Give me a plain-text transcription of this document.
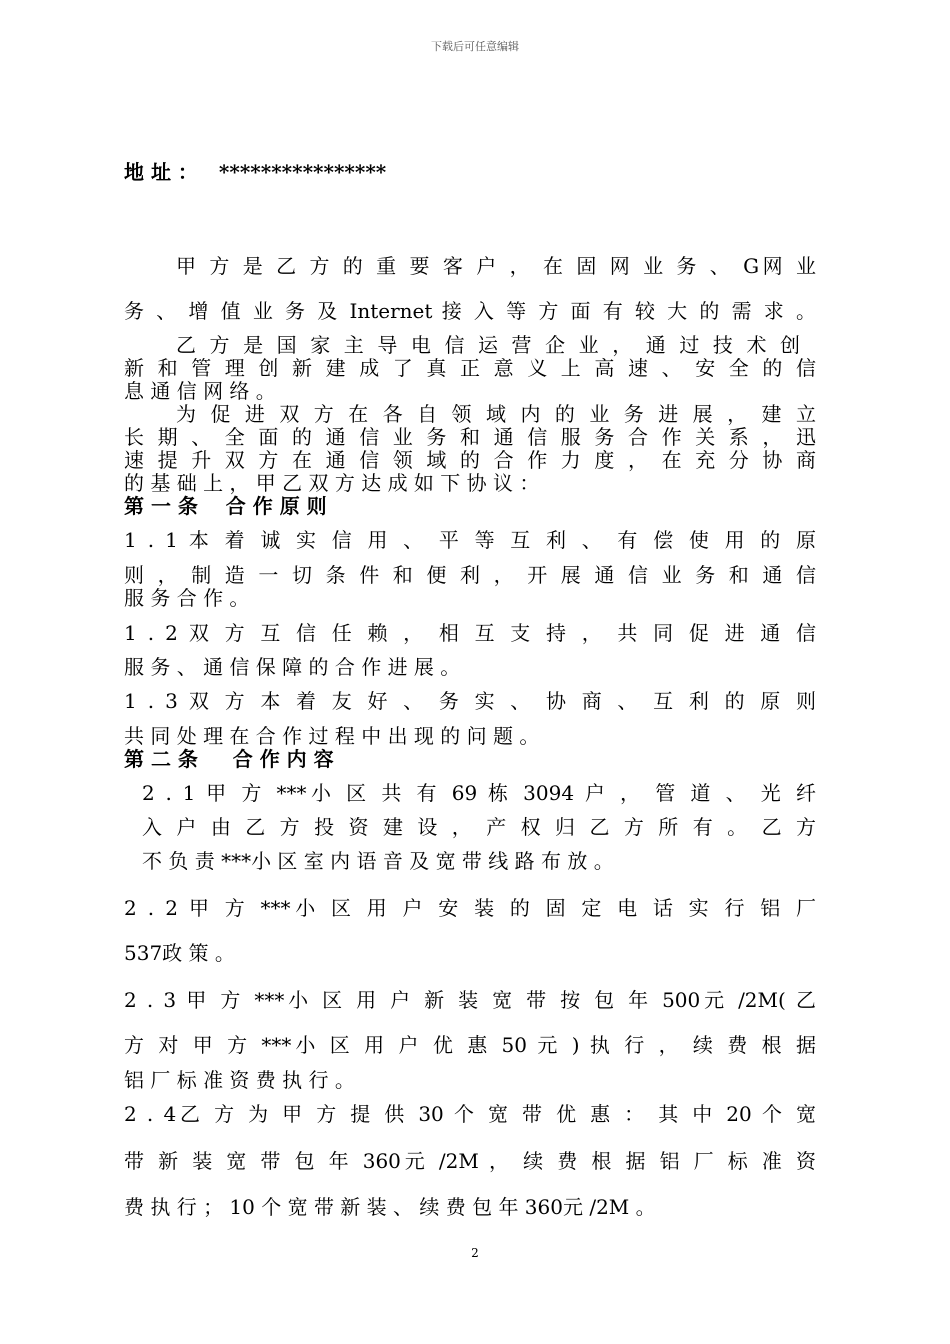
下载后可任意编辑
地 址 ： ****************
甲 方 是 乙 方 的 重 要 客 户 ， 在 固 网 业 务 、 G网 业
务 、 增 值 业 务 及 Internet 接 入 等 方 面 有 较 大 的 需 求 。
乙 方 是 国 家 主 导 电 信 运 营 企 业 ， 通 过 技 术 创
新 和 管 理 创 新 建 成 了 真 正 意 义 上 高 速 、 安 全 的 信
息 通 信 网 络 。
为 促 进 双 方 在 各 自 领 域 内 的 业 务 进 展 ， 建 立
长 期 、 全 面 的 通 信 业 务 和 通 信 服 务 合 作 关 系 ， 迅
速 提 升 双 方 在 通 信 领 域 的 合 作 力 度 ， 在 充 分 协 商
的 基 础 上 ， 甲 乙 双 方 达 成 如 下 协 议 ：
第 一 条    合 作 原 则
1 . 1 本 着 诚 实 信 用 、 平 等 互 利 、 有 偿 使 用 的 原
则 ， 制 造 一 切 条 件 和 便 利 ， 开 展 通 信 业 务 和 通 信
服 务 合 作 。
1 . 2 双 方 互 信 任 赖 ， 相 互 支 持 ， 共 同 促 进 通 信
服 务 、 通 信 保 障 的 合 作 进 展 。
1 . 3 双 方 本 着 友 好 、 务 实 、 协 商 、 互 利 的 原 则
共 同 处 理 在 合 作 过 程 中 出 现 的 问 题 。
第 二 条     合 作 内 容
2 . 1 甲 方 ***小 区 共 有 69 栋 3094 户 ， 管 道 、 光 纤
入 户 由 乙 方 投 资 建 设 ， 产 权 归 乙 方 所 有 。 乙 方
不 负 责 ***小 区 室 内 语 音 及 宽 带 线 路 布 放 。
2 . 2 甲 方 ***小 区 用 户 安 装 的 固 定 电 话 实 行 铝 厂
537政 策 。
2 . 3 甲 方 ***小 区 用 户 新 装 宽 带 按 包 年 500元 /2M( 乙
方 对 甲 方 ***小 区 用 户 优 惠 50 元 ) 执 行 ， 续 费 根 据
铝 厂 标 准 资 费 执 行 。
2 . 4乙 方 为 甲 方 提 供 30 个 宽 带 优 惠 ： 其 中 20 个 宽
带 新 装 宽 带 包 年 360元 /2M ， 续 费 根 据 铝 厂 标 准 资
费 执 行 ； 10 个 宽 带 新 装 、 续 费 包 年 360元 /2M 。
2
